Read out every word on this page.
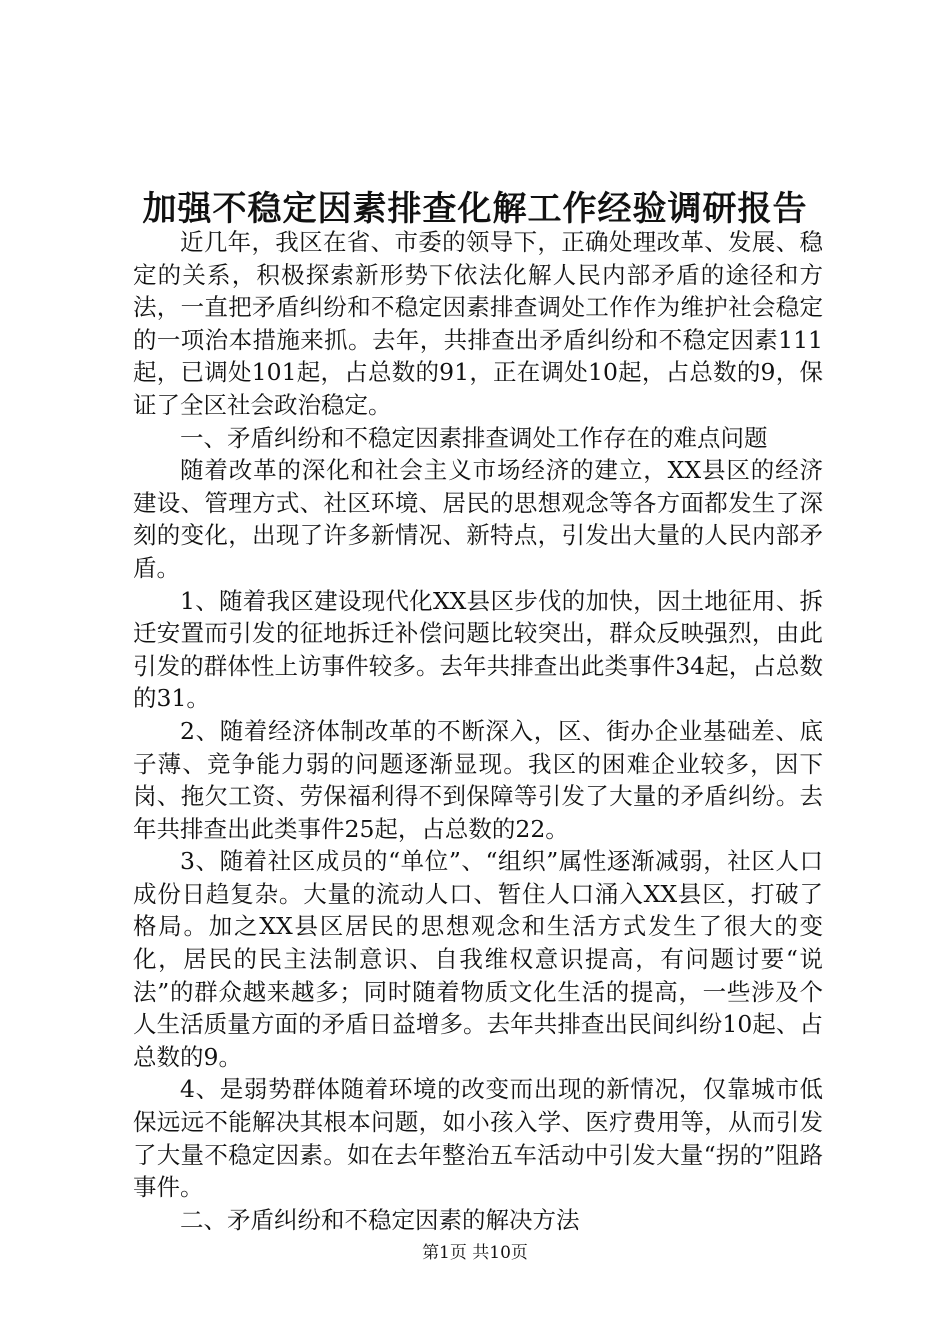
加强不稳定因素排查化解工作经验调研报告

近几年，我区在省、市委的领导下，正确处理改革、发展、稳定的关系，积极探索新形势下依法化解人民内部矛盾的途径和方法，一直把矛盾纠纷和不稳定因素排查调处工作作为维护社会稳定的一项治本措施来抓。去年，共排查出矛盾纠纷和不稳定因素111起，已调处101起，占总数的91，正在调处10起，占总数的9，保证了全区社会政治稳定。

一、矛盾纠纷和不稳定因素排查调处工作存在的难点问题

随着改革的深化和社会主义市场经济的建立，XX县区的经济建设、管理方式、社区环境、居民的思想观念等各方面都发生了深刻的变化，出现了许多新情况、新特点，引发出大量的人民内部矛盾。

1、随着我区建设现代化XX县区步伐的加快，因土地征用、拆迁安置而引发的征地拆迁补偿问题比较突出，群众反映强烈，由此引发的群体性上访事件较多。去年共排查出此类事件34起，占总数的31。

2、随着经济体制改革的不断深入，区、街办企业基础差、底子薄、竞争能力弱的问题逐渐显现。我区的困难企业较多，因下岗、拖欠工资、劳保福利得不到保障等引发了大量的矛盾纠纷。去年共排查出此类事件25起，占总数的22。

3、随着社区成员的“单位”、“组织”属性逐渐减弱，社区人口成份日趋复杂。大量的流动人口、暂住人口涌入XX县区，打破了格局。加之XX县区居民的思想观念和生活方式发生了很大的变化，居民的民主法制意识、自我维权意识提高，有问题讨要“说法”的群众越来越多；同时随着物质文化生活的提高，一些涉及个人生活质量方面的矛盾日益增多。去年共排查出民间纠纷10起、占总数的9。

4、是弱势群体随着环境的改变而出现的新情况，仅靠城市低保远远不能解决其根本问题，如小孩入学、医疗费用等，从而引发了大量不稳定因素。如在去年整治五车活动中引发大量“拐的”阻路事件。

二、矛盾纠纷和不稳定因素的解决方法

第1页 共10页
